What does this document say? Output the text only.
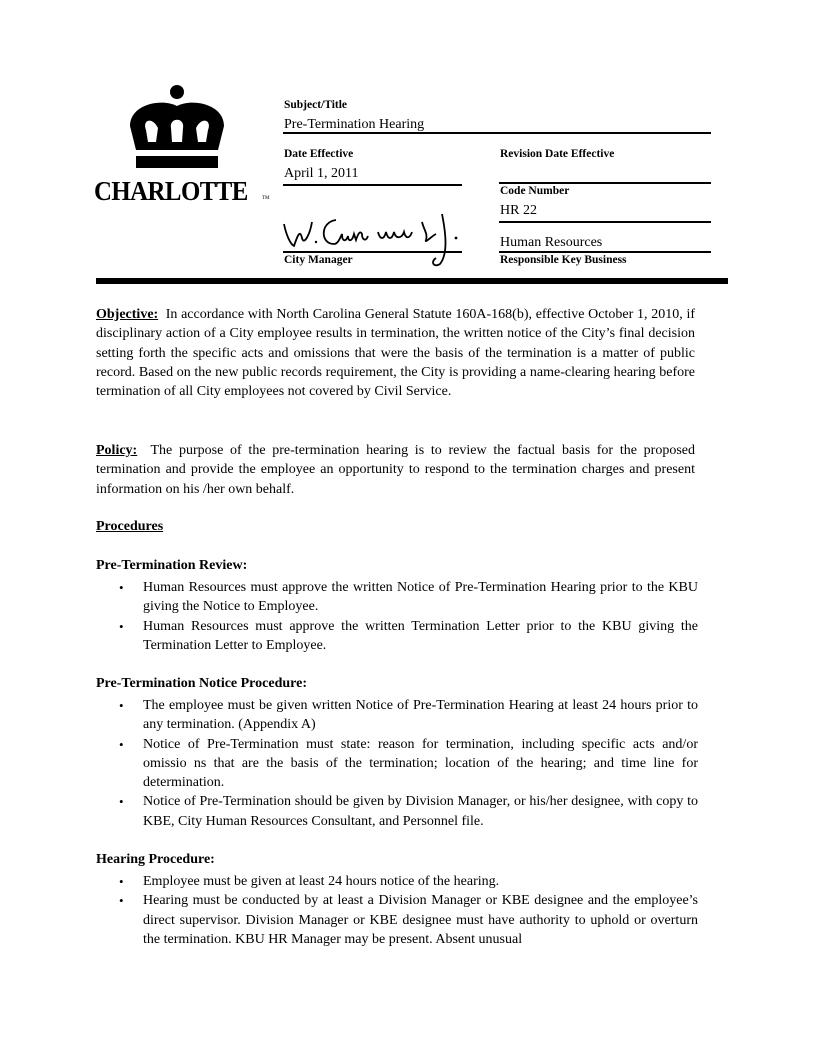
CHARLOTTE	TM
Subject/Title
Pre-Termination Hearing
Date Effective
April 1, 2011
Revision Date Effective
Code Number
HR 22
Human Resources
Responsible Key Business
City Manager
Objective: In accordance with North Carolina General Statute 160A-168(b), effective October 1, 2010, if disciplinary action of a City employee results in termination, the written notice of the City’s final decision setting forth the specific acts and omissions that were the basis of the termination is a matter of public record. Based on the new public records requirement, the City is providing a name-clearing hearing before termination of all City employees not covered by Civil Service.
Policy: The purpose of the pre-termination hearing is to review the factual basis for the proposed termination and provide the employee an opportunity to respond to the termination charges and present information on his /her own behalf.
Procedures
Pre-Termination Review:
• Human Resources must approve the written Notice of Pre-Termination Hearing prior to the KBU giving the Notice to Employee.
• Human Resources must approve the written Termination Letter prior to the KBU giving the Termination Letter to Employee.
Pre-Termination Notice Procedure:
• The employee must be given written Notice of Pre-Termination Hearing at least 24 hours prior to any termination. (Appendix A)
• Notice of Pre-Termination must state: reason for termination, including specific acts and/or omissio ns that are the basis of the termination; location of the hearing; and time line for determination.
• Notice of Pre-Termination should be given by Division Manager, or his/her designee, with copy to KBE, City Human Resources Consultant, and Personnel file.
Hearing Procedure:
• Employee must be given at least 24 hours notice of the hearing.
• Hearing must be conducted by at least a Division Manager or KBE designee and the employee’s direct supervisor. Division Manager or KBE designee must have authority to uphold or overturn the termination. KBU HR Manager may be present. Absent unusual
